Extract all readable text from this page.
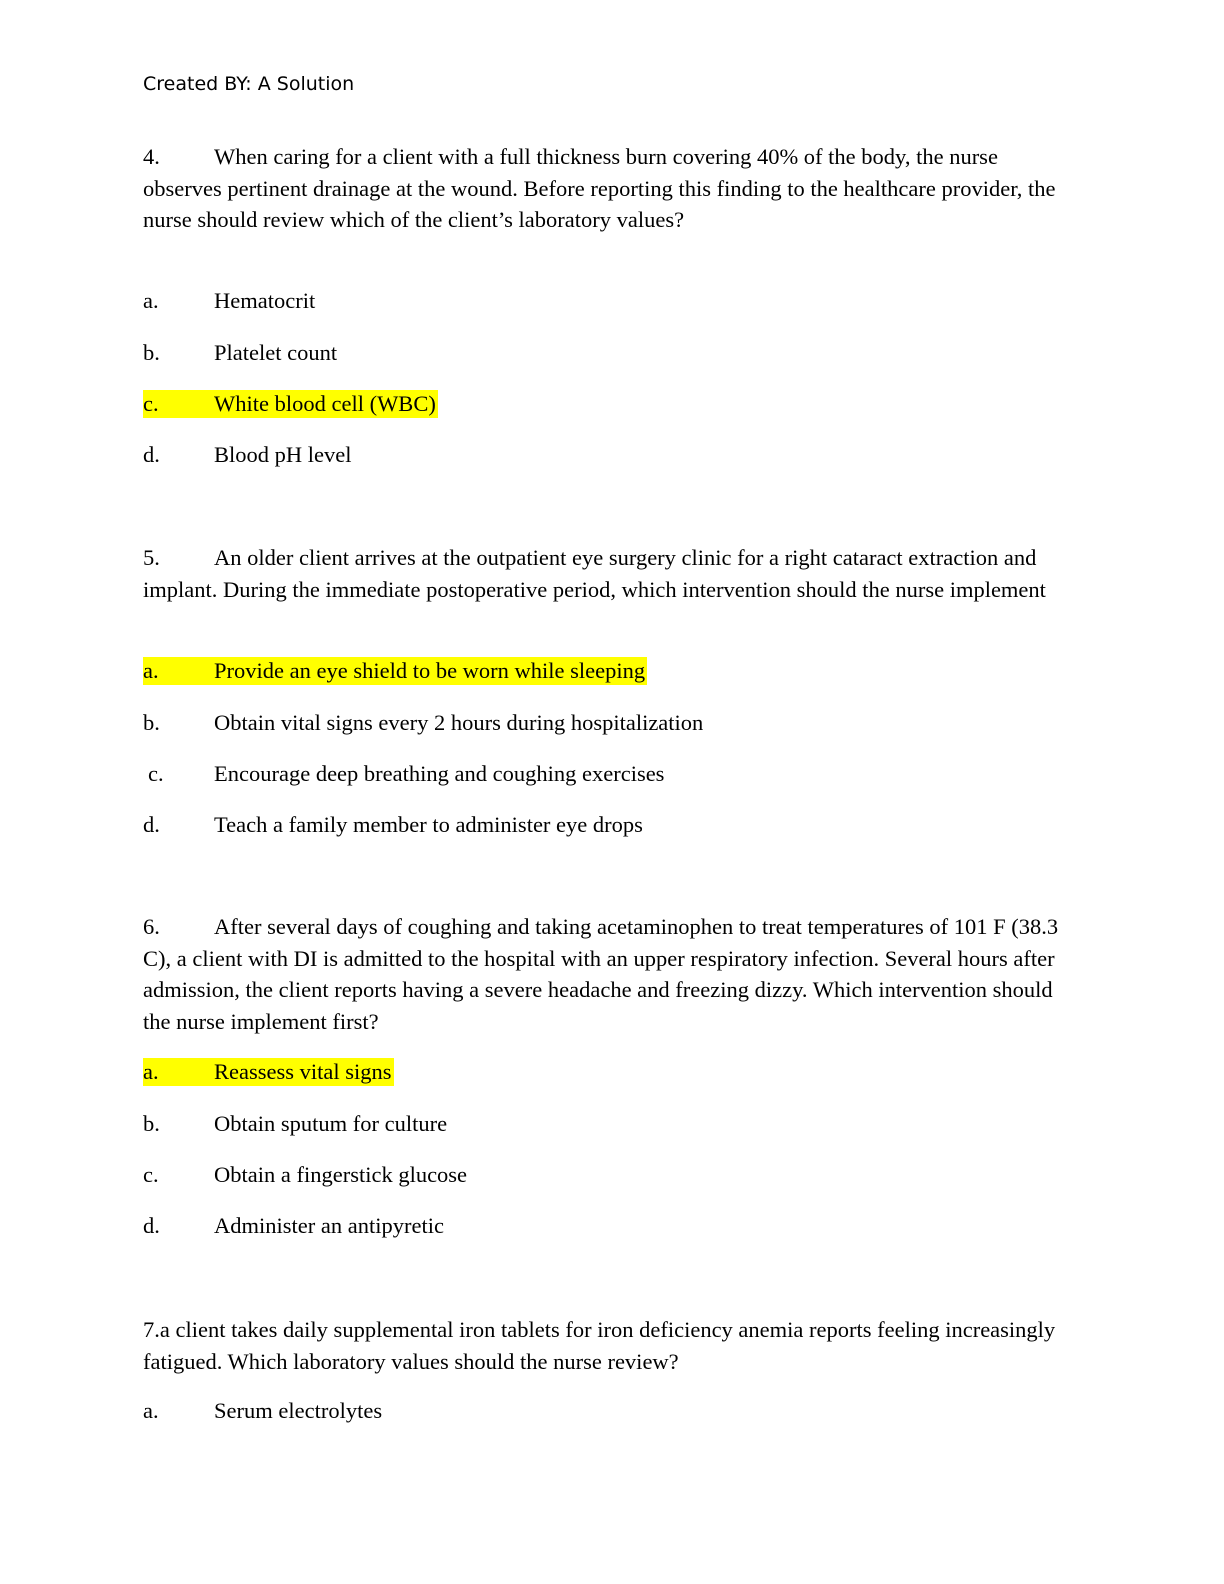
Created BY: A Solution

4. When caring for a client with a full thickness burn covering 40% of the body, the nurse observes pertinent drainage at the wound. Before reporting this finding to the healthcare provider, the nurse should review which of the client’s laboratory values?

a. Hematocrit
b. Platelet count
c. White blood cell (WBC)
d. Blood pH level

5. An older client arrives at the outpatient eye surgery clinic for a right cataract extraction and implant. During the immediate postoperative period, which intervention should the nurse implement

a. Provide an eye shield to be worn while sleeping
b. Obtain vital signs every 2 hours during hospitalization
c. Encourage deep breathing and coughing exercises
d. Teach a family member to administer eye drops

6. After several days of coughing and taking acetaminophen to treat temperatures of 101 F (38.3 C), a client with DI is admitted to the hospital with an upper respiratory infection. Several hours after admission, the client reports having a severe headache and freezing dizzy. Which intervention should the nurse implement first?

a. Reassess vital signs
b. Obtain sputum for culture
c. Obtain a fingerstick glucose
d. Administer an antipyretic

7.a client takes daily supplemental iron tablets for iron deficiency anemia reports feeling increasingly fatigued. Which laboratory values should the nurse review?

a. Serum electrolytes
